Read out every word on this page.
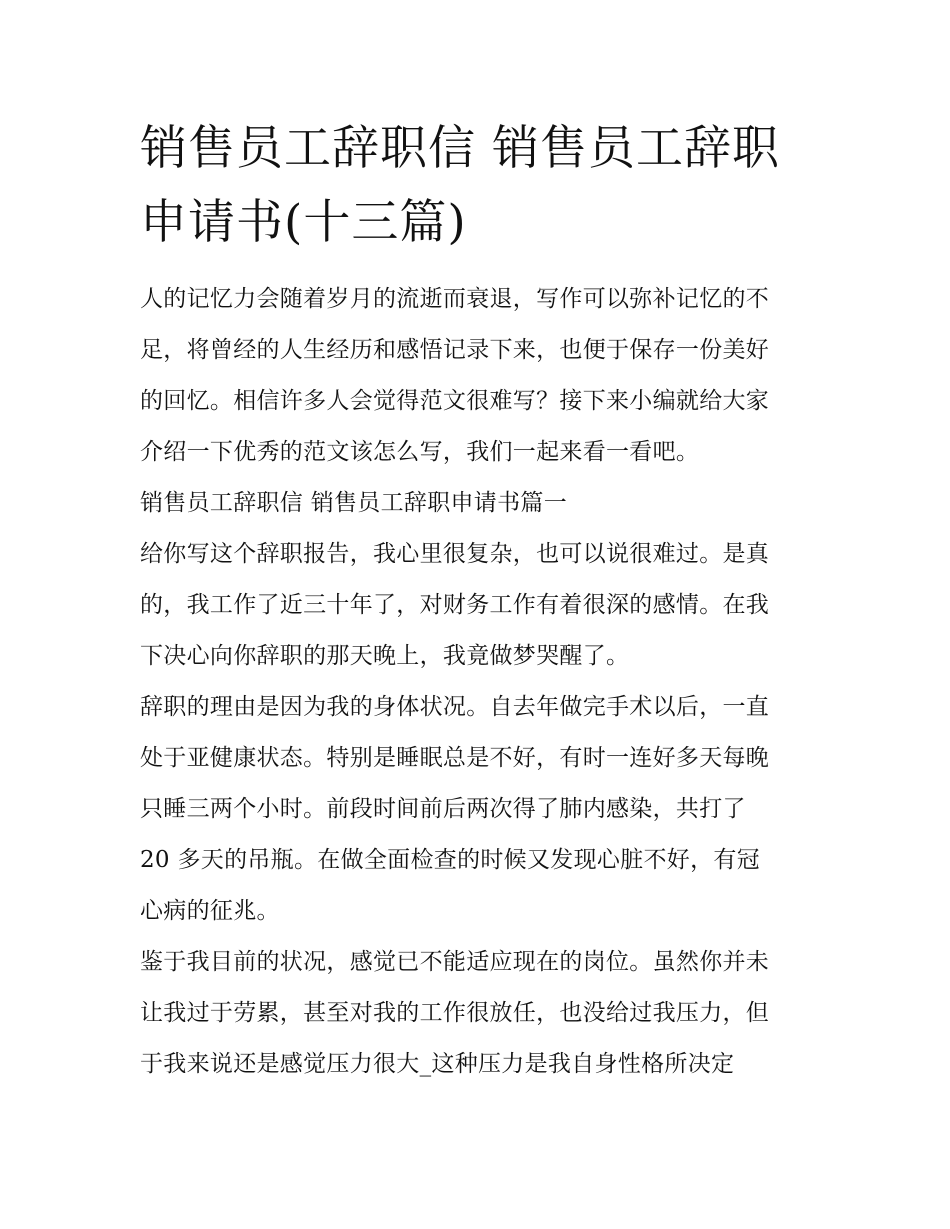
销售员工辞职信 销售员工辞职
申请书(十三篇)

人的记忆力会随着岁月的流逝而衰退，写作可以弥补记忆的不

足，将曾经的人生经历和感悟记录下来，也便于保存一份美好

的回忆。相信许多人会觉得范文很难写？接下来小编就给大家

介绍一下优秀的范文该怎么写，我们一起来看一看吧。

销售员工辞职信 销售员工辞职申请书篇一

给你写这个辞职报告，我心里很复杂，也可以说很难过。是真

的，我工作了近三十年了，对财务工作有着很深的感情。在我

下决心向你辞职的那天晚上，我竟做梦哭醒了。

辞职的理由是因为我的身体状况。自去年做完手术以后，一直

处于亚健康状态。特别是睡眠总是不好，有时一连好多天每晚

只睡三两个小时。前段时间前后两次得了肺内感染，共打了

20 多天的吊瓶。在做全面检查的时候又发现心脏不好，有冠

心病的征兆。

鉴于我目前的状况，感觉已不能适应现在的岗位。虽然你并未

让我过于劳累，甚至对我的工作很放任，也没给过我压力，但

于我来说还是感觉压力很大_这种压力是我自身性格所决定
